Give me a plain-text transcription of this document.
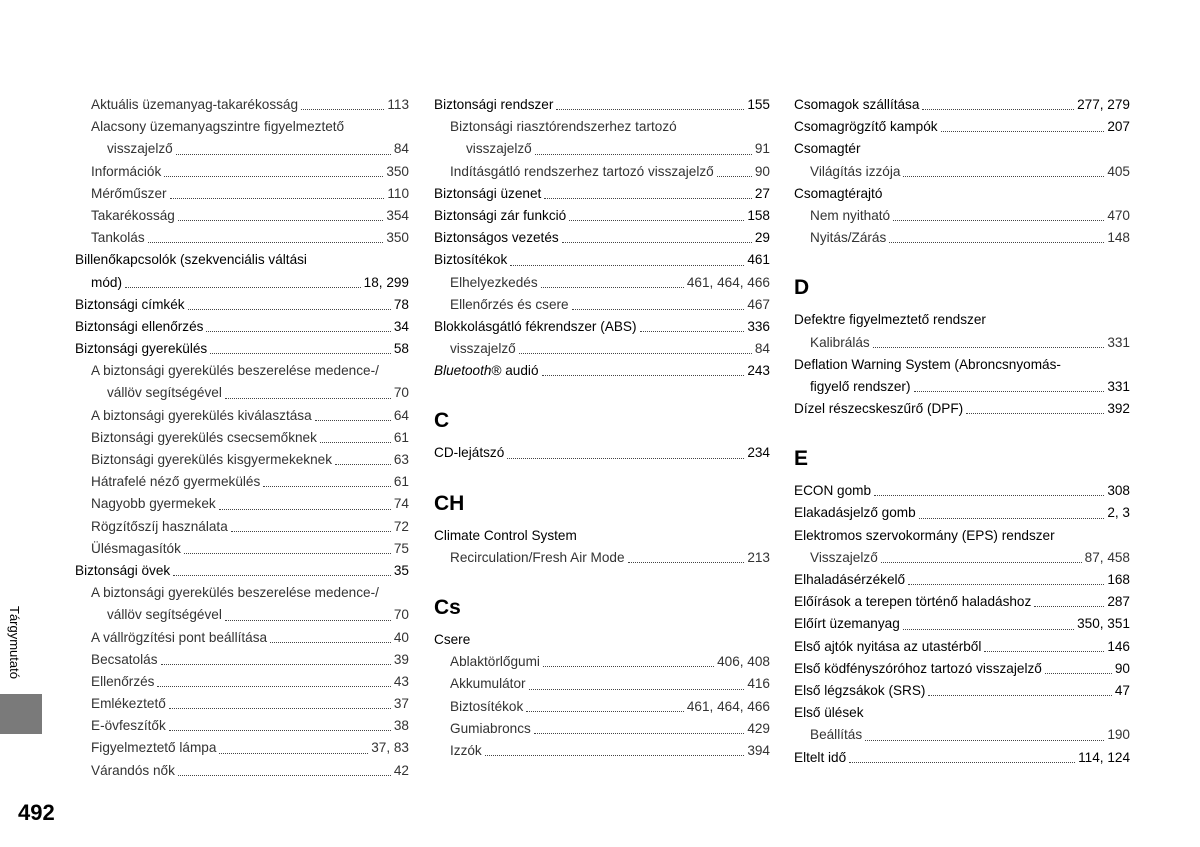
Aktuális üzemanyag-takarékosság	113
Alacsony üzemanyagszintre figyelmeztető
visszajelző	84
Információk	350
Mérőműszer	110
Takarékosság	354
Tankolás	350
Billenőkapcsolók (szekvenciális váltási
mód)	18, 299
Biztonsági címkék	78
Biztonsági ellenőrzés	34
Biztonsági gyerekülés	58
A biztonsági gyerekülés beszerelése medence-/
vállöv segítségével	70
A biztonsági gyerekülés kiválasztása	64
Biztonsági gyerekülés csecsemőknek	61
Biztonsági gyerekülés kisgyermekeknek	63
Hátrafelé néző gyermekülés	61
Nagyobb gyermekek	74
Rögzítőszíj használata	72
Ülésmagasítók	75
Biztonsági övek	35
A biztonsági gyerekülés beszerelése medence-/
vállöv segítségével	70
A vállrögzítési pont beállítása	40
Becsatolás	39
Ellenőrzés	43
Emlékeztető	37
E-övfeszítők	38
Figyelmeztető lámpa	37, 83
Várandós nők	42
Biztonsági rendszer	155
Biztonsági riasztórendszerhez tartozó
visszajelző	91
Indításgátló rendszerhez tartozó visszajelző	90
Biztonsági üzenet	27
Biztonsági zár funkció	158
Biztonságos vezetés	29
Biztosítékok	461
Elhelyezkedés	461, 464, 466
Ellenőrzés és csere	467
Blokkolásgátló fékrendszer (ABS)	336
visszajelző	84
Bluetooth® audió	243
C
CD-lejátszó	234
CH
Climate Control System
Recirculation/Fresh Air Mode	213
Cs
Csere
Ablaktörlőgumi	406, 408
Akkumulátor	416
Biztosítékok	461, 464, 466
Gumiabroncs	429
Izzók	394
Csomagok szállítása	277, 279
Csomagrögzítő kampók	207
Csomagtér
Világítás izzója	405
Csomagtérajtó
Nem nyitható	470
Nyitás/Zárás	148
D
Defektre figyelmeztető rendszer
Kalibrálás	331
Deflation Warning System (Abroncsnyomás-
figyelő rendszer)	331
Dízel részecskeszűrő (DPF)	392
E
ECON gomb	308
Elakadásjelző gomb	2, 3
Elektromos szervokormány (EPS) rendszer
Visszajelző	87, 458
Elhaladásérzékelő	168
Előírások a terepen történő haladáshoz	287
Előírt üzemanyag	350, 351
Első ajtók nyitása az utastérből	146
Első ködfényszóróhoz tartozó visszajelző	90
Első légzsákok (SRS)	47
Első ülések
Beállítás	190
Eltelt idő	114, 124
Tárgymutató
492
